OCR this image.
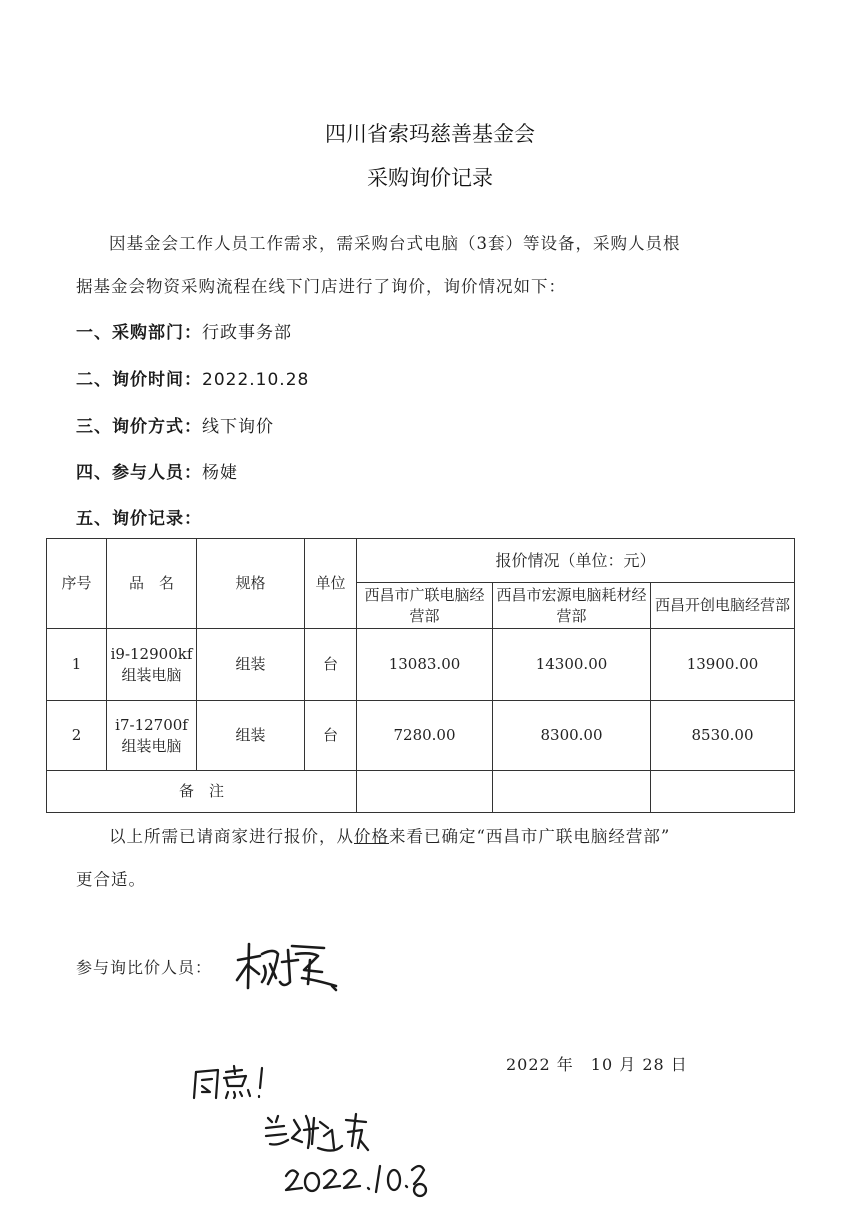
四川省索玛慈善基金会
采购询价记录
因基金会工作人员工作需求，需采购台式电脑（3套）等设备，采购人员根
据基金会物资采购流程在线下门店进行了询价，询价情况如下：
一、采购部门：行政事务部
二、询价时间：2022.10.28
三、询价方式：线下询价
四、参与人员：杨婕
五、询价记录：
序号	品　名	规格	单位	报价情况（单位：元）		
				西昌市广联电脑经营部	西昌市宏源电脑耗材经营部	西昌开创电脑经营部
1	i9-12900kf组装电脑	组装	台	13083.00	14300.00	13900.00
2	i7-12700f组装电脑	组装	台	7280.00	8300.00	8530.00
备　注						
以上所需已请商家进行报价，从价格来看已确定“西昌市广联电脑经营部”
更合适。
参与询比价人员：
2022 年　10 月 28 日
